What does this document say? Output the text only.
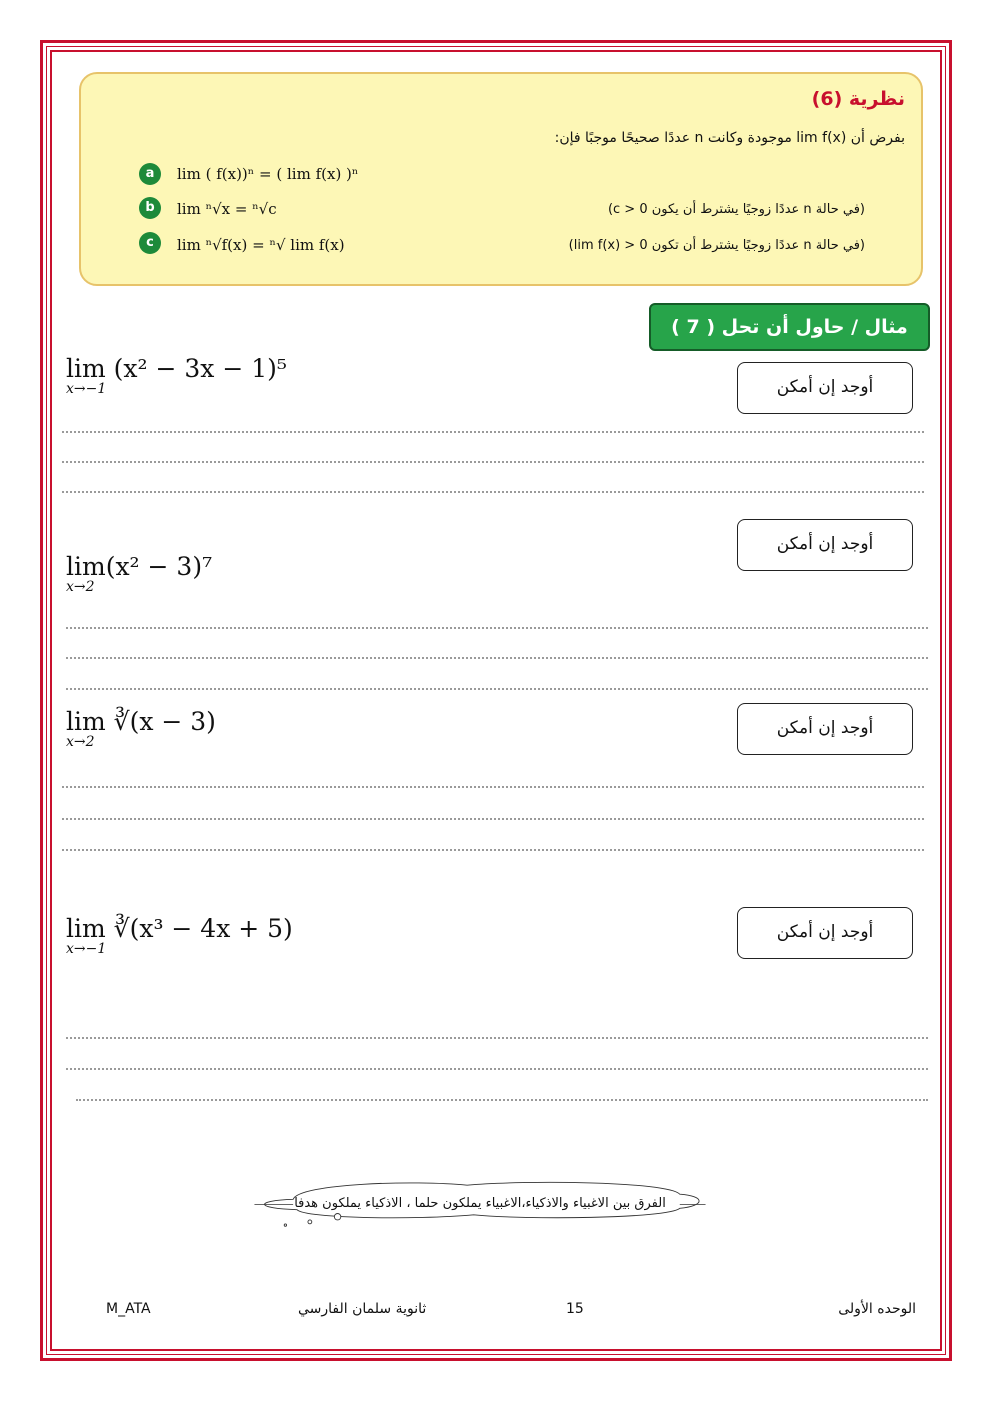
نظرية (6)
بفرض أن lim f(x) موجودة وكانت n عددًا صحيحًا موجبًا فإن:
a	lim ( f(x))ⁿ = ( lim f(x) )ⁿ
b	lim ⁿ√x = ⁿ√c	(في حالة n عددًا زوجيًا يشترط أن يكون c > 0)
c	lim ⁿ√f(x) = ⁿ√ lim f(x)	(في حالة n عددًا زوجيًا يشترط أن تكون lim f(x) > 0)
مثال / حاول أن تحل ( 7 )
lim (x² − 3x − 1)⁵
x→−1	أوجد إن أمكن
lim(x² − 3)⁷
x→2
أوجد إن أمكن
lim ∛(x − 3)
x→2
أوجد إن أمكن
lim ∛(x³ − 4x + 5)
x→−1
أوجد إن أمكن
الفرق بين الاغبياء والاذكياء،الاغبياء يملكون حلما ، الاذكياء يملكون هدفا
الوحده الأولى
15
ثانوية سلمان الفارسي
M_ATA
